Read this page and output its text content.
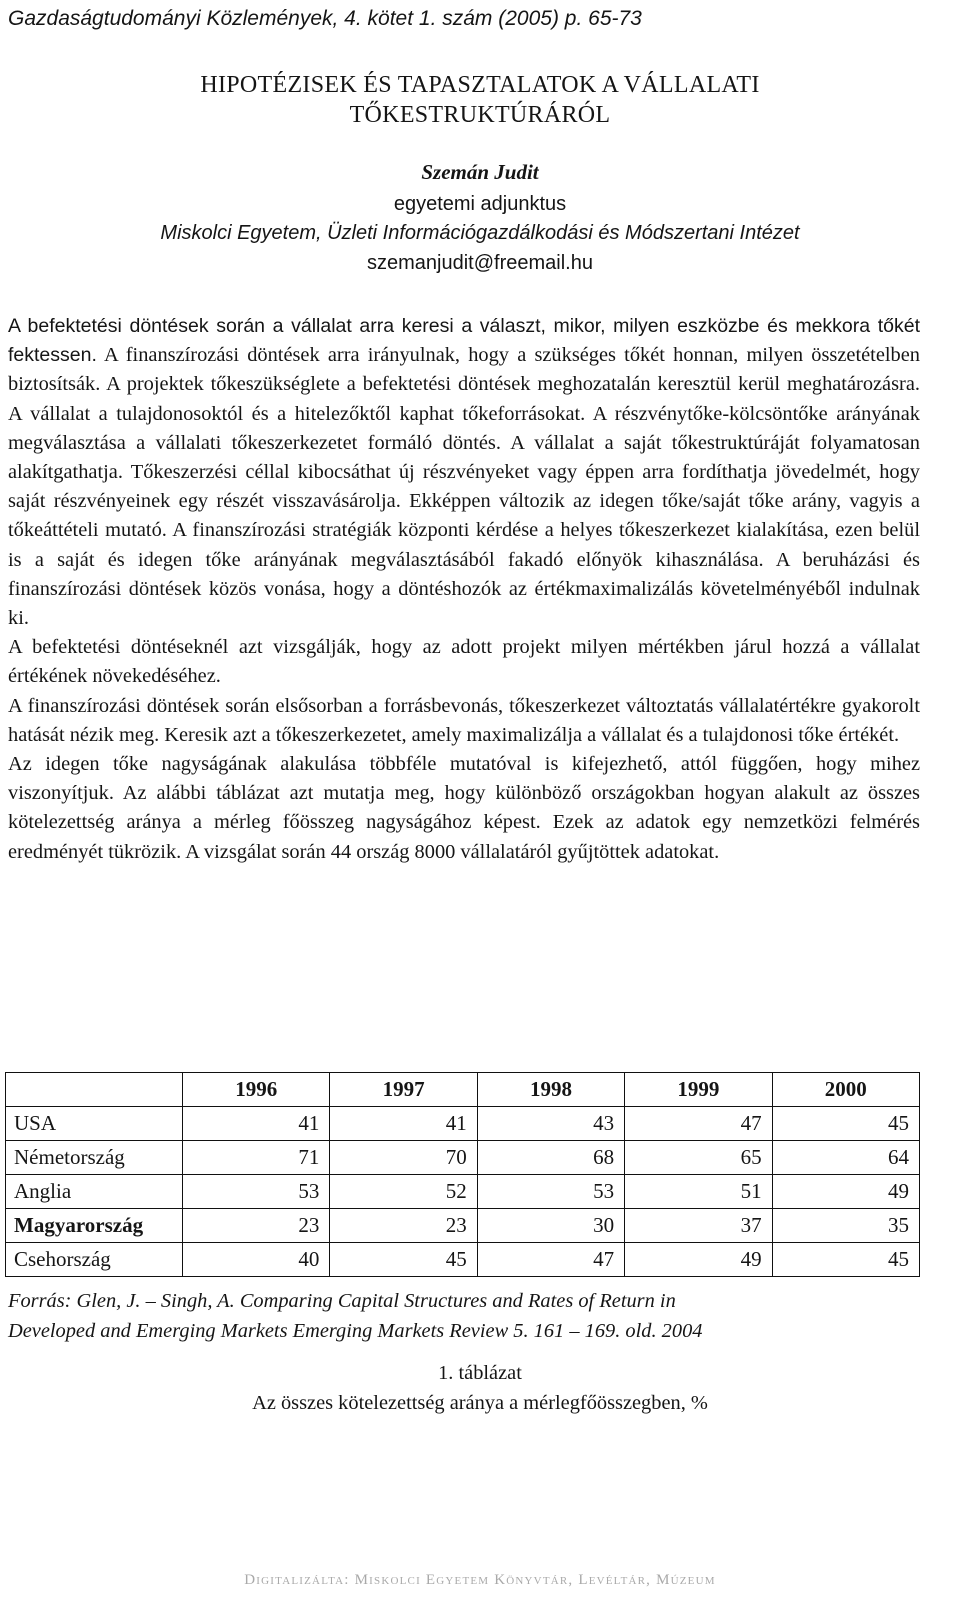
Gazdaságtudományi Közlemények, 4. kötet 1. szám (2005) p. 65-73
HIPOTÉZISEK ÉS TAPASZTALATOK A VÁLLALATI
TŐKESTRUKTÚRÁRÓL
Szemán Judit
egyetemi adjunktus
Miskolci Egyetem, Üzleti Információgazdálkodási és Módszertani Intézet
szemanjudit@freemail.hu

A befektetési döntések során a vállalat arra keresi a választ, mikor, milyen eszközbe és mekkora tőkét fektessen. A finanszírozási döntések arra irányulnak, hogy a szükséges tőkét honnan, milyen összetételben biztosítsák. A projektek tőkeszükséglete a befektetési döntések meghozatalán keresztül kerül meghatározásra. A vállalat a tulajdonosoktól és a hitelezőktől kaphat tőkeforrásokat. A részvénytőke-kölcsöntőke arányának megválasztása a vállalati tőkeszerkezetet formáló döntés. A vállalat a saját tőkestruktúráját folyamatosan alakítgathatja. Tőkeszerzési céllal kibocsáthat új részvényeket vagy éppen arra fordíthatja jövedelmét, hogy saját részvényeinek egy részét visszavásárolja. Ekképpen változik az idegen tőke/saját tőke arány, vagyis a tőkeáttételi mutató. A finanszírozási stratégiák központi kérdése a helyes tőkeszerkezet kialakítása, ezen belül is a saját és idegen tőke arányának megválasztásából fakadó előnyök kihasználása. A beruházási és finanszírozási döntések közös vonása, hogy a döntéshozók az értékmaximalizálás követelményéből indulnak ki.

A befektetési döntéseknél azt vizsgálják, hogy az adott projekt milyen mértékben járul hozzá a vállalat értékének növekedéséhez.

A finanszírozási döntések során elsősorban a forrásbevonás, tőkeszerkezet változtatás vállalatértékre gyakorolt hatását nézik meg. Keresik azt a tőkeszerkezetet, amely maximalizálja a vállalat és a tulajdonosi tőke értékét.

Az idegen tőke nagyságának alakulása többféle mutatóval is kifejezhető, attól függően, hogy mihez viszonyítjuk. Az alábbi táblázat azt mutatja meg, hogy különböző országokban hogyan alakult az összes kötelezettség aránya a mérleg főösszeg nagyságához képest. Ezek az adatok egy nemzetközi felmérés eredményét tükrözik. A vizsgálat során 44 ország 8000 vállalatáról gyűjtöttek adatokat.

	1996	1997	1998	1999	2000
USA	41	41	43	47	45
Németország	71	70	68	65	64
Anglia	53	52	53	51	49
Magyarország	23	23	30	37	35
Csehország	40	45	47	49	45
Forrás: Glen, J. – Singh, A. Comparing Capital Structures and Rates of Return in
Developed and Emerging Markets Emerging Markets Review 5. 161 – 169. old. 2004
1. táblázat
Az összes kötelezettség aránya a mérlegfőösszegben, %
Digitalizálta: Miskolci Egyetem Könyvtár, Levéltár, Múzeum
